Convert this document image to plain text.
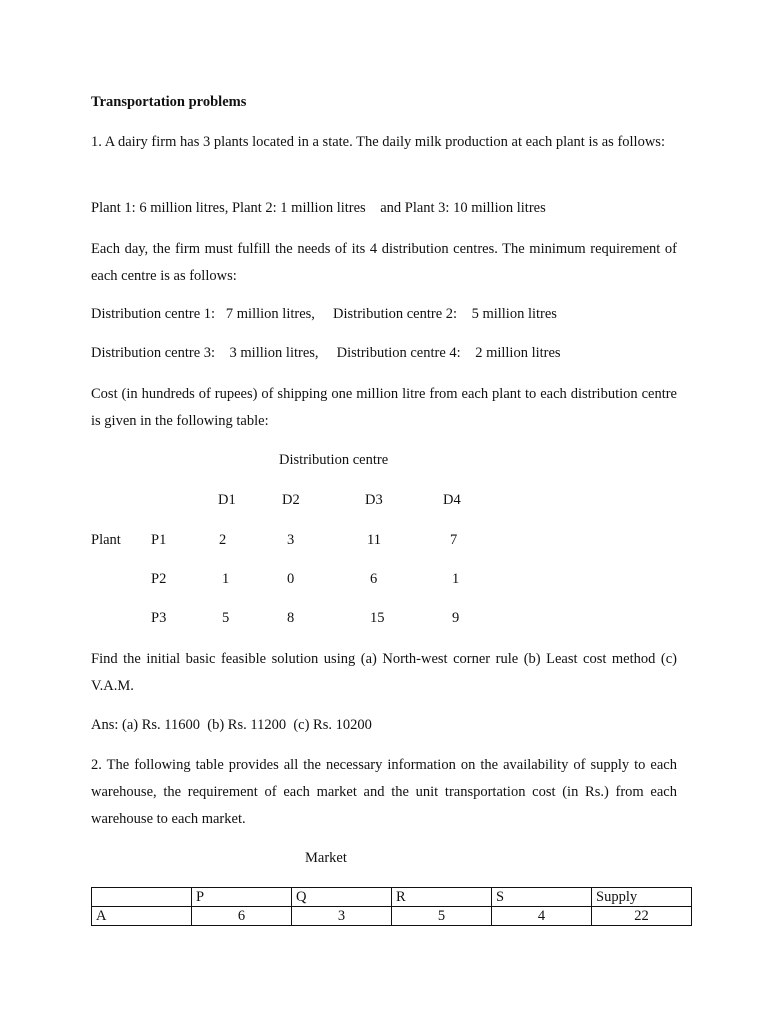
Transportation problems
1. A dairy firm has 3 plants located in a state. The daily milk production at each plant is as follows:
Plant 1: 6 million litres, Plant 2: 1 million litres    and Plant 3: 10 million litres
Each day, the firm must fulfill the needs of its 4 distribution centres. The minimum requirement of each centre is as follows:
Distribution centre 1:   7 million litres,     Distribution centre 2:    5 million litres
Distribution centre 3:    3 million litres,     Distribution centre 4:    2 million litres
Cost (in hundreds of rupees) of shipping one million litre from each plant to each distribution centre is given in the following table:
Distribution centre
D1	D2	D3	D4
Plant P1	2	3	11	7
P2	1	0	6	1
P3	5	8	15	9
Find the initial basic feasible solution using (a) North-west corner rule (b) Least cost method (c) V.A.M.
Ans: (a) Rs. 11600  (b) Rs. 11200  (c) Rs. 10200
2. The following table provides all the necessary information on the availability of supply to each warehouse, the requirement of each market and the unit transportation cost (in Rs.) from each warehouse to each market.
Market
	P	Q	R	S	Supply
A	6	3	5	4	22
